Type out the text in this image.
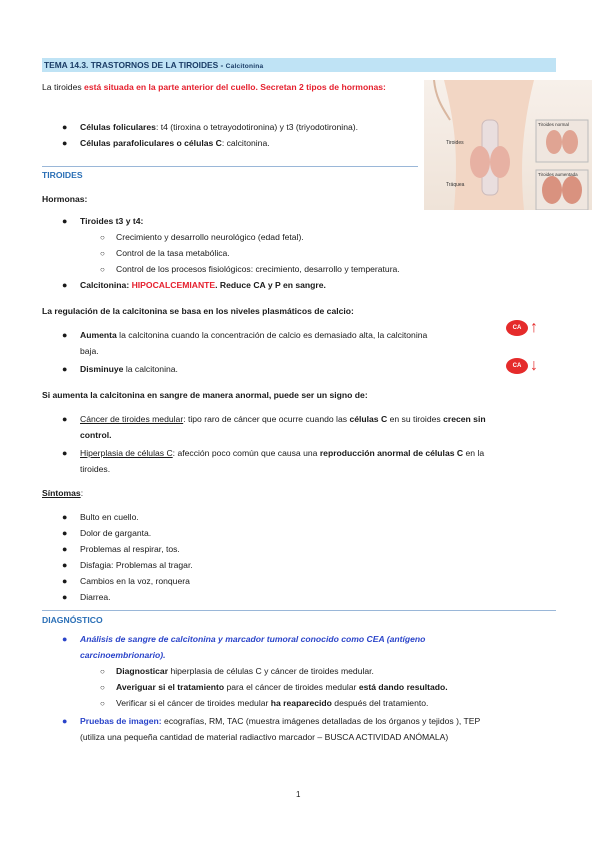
TEMA 14.3. TRASTORNOS DE LA TIROIDES - Calcitonina
La tiroides está situada en la parte anterior del cuello. Secretan 2 tipos de hormonas:
● Células foliculares: t4 (tiroxina o tetrayodotironina) y t3 (triyodotironina).
● Células parafoliculares o células C: calcitonina.	Tiroides
Tráquea
Tiroides normal
Tiroides aumentada
TIROIDES
Hormonas:
● Tiroides t3 y t4:
○ Crecimiento y desarrollo neurológico (edad fetal).
○ Control de la tasa metabólica.
○ Control de los procesos fisiológicos: crecimiento, desarrollo y temperatura.
● Calcitonina: HIPOCALCEMIANTE. Reduce CA y P en sangre.
La regulación de la calcitonina se basa en los niveles plasmáticos de calcio:
● Aumenta la calcitonina cuando la concentración de calcio es demasiado alta, la calcitonina
baja.
● Disminuye la calcitonina.
CA ↑
CA ↓
Si aumenta la calcitonina en sangre de manera anormal, puede ser un signo de:
● Cáncer de tiroides medular: tipo raro de cáncer que ocurre cuando las células C en su tiroides crecen sin
control.
● Hiperplasia de células C: afección poco común que causa una reproducción anormal de células C en la
tiroides.
Síntomas:
● Bulto en cuello.
● Dolor de garganta.
● Problemas al respirar, tos.
● Disfagia: Problemas al tragar.
● Cambios en la voz, ronquera
● Diarrea.
DIAGNÓSTICO
● Análisis de sangre de calcitonina y marcador tumoral conocido como CEA (antígeno
carcinoembrionario).
○ Diagnosticar hiperplasia de células C y cáncer de tiroides medular.
○ Averiguar si el tratamiento para el cáncer de tiroides medular está dando resultado.
○ Verificar si el cáncer de tiroides medular ha reaparecido después del tratamiento.
● Pruebas de imagen: ecografías, RM, TAC (muestra imágenes detalladas de los órganos y tejidos ), TEP
(utiliza una pequeña cantidad de material radiactivo marcador – BUSCA ACTIVIDAD ANÓMALA)
1
